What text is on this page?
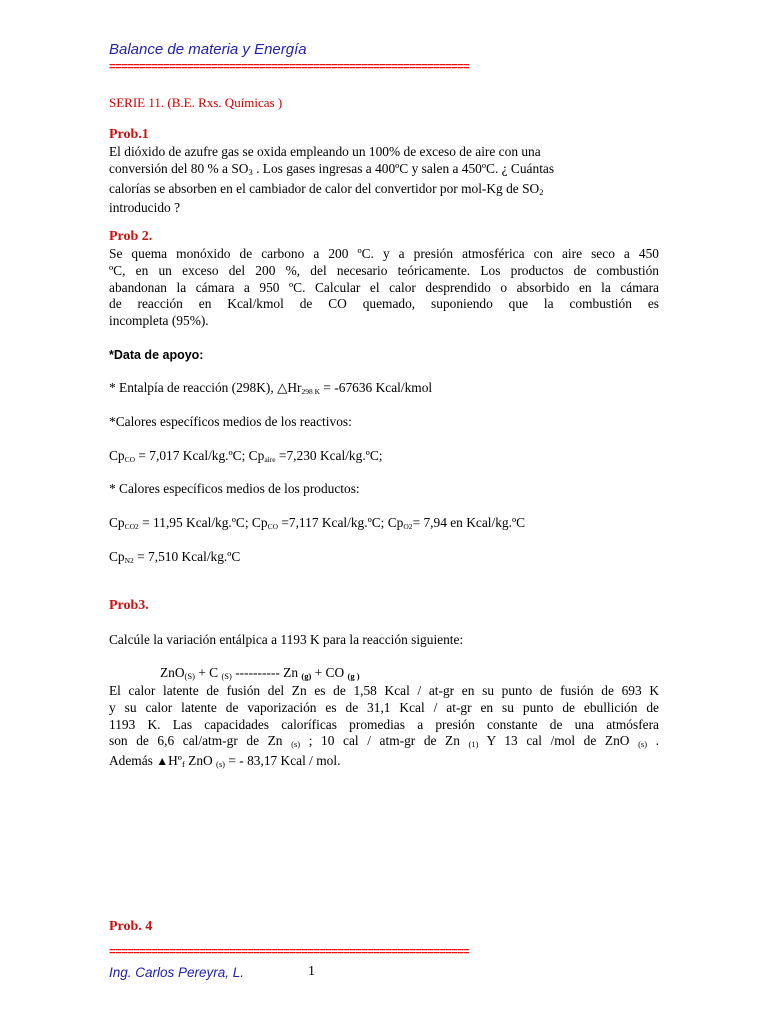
Balance de materia y Energía
============================================================
SERIE 11. (B.E. Rxs. Químicas )
Prob.1
El dióxido de azufre gas se oxida empleando un 100% de exceso de aire con una
conversión del 80 % a $SO_3$ . Los gases ingresas a 400ºC y salen a 450ºC. ¿ Cuántas
calorías se absorben en el cambiador de calor del convertidor por mol-Kg de $SO_2$
introducido ?
Prob 2.
Se quema monóxido de carbono a 200 ºC. y a presión atmosférica con aire seco a 450
ºC, en un exceso del 200 %, del necesario teóricamente. Los productos de combustión
abandonan la cámara a 950 ºC. Calcular el calor desprendido o absorbido en la cámara
de reacción en Kcal/kmol de CO quemado, suponiendo que la combustión es
incompleta (95%).
*Data de apoyo:
* Entalpía de reacción (298K), △Hr298 K = -67636 Kcal/kmol
*Calores específicos medios de los reactivos:
CpCO = 7,017 Kcal/kg.ºC; Cpaire =7,230 Kcal/kg.ºC;
* Calores específicos medios de los productos:
CpCO2 = 11,95 Kcal/kg.ºC; CpCO =7,117 Kcal/kg.ºC; CpO2= 7,94 en Kcal/kg.ºC
CpN2 = 7,510 Kcal/kg.ºC
Prob3.
Calcúle la variación entálpica a 1193 K para la reacción siguiente:
ZnO$_{(S)}$ + C $_{(S)}$ ---------- Zn $_{(g)}$ + CO $_{(g )}$
El calor latente de fusión del Zn es de 1,58 Kcal / at-gr en su punto de fusión de 693 K
y su calor latente de vaporización es de 31,1 Kcal / at-gr en su punto de ebullición de
1193 K. Las capacidades caloríficas promedias a presión constante de una atmósfera
son de 6,6 cal/atm-gr de Zn $_{(s)}$ ; 10 cal / atm-gr de Zn $_{(1)}$ Y 13 cal /mol de ZnO $_{(s)}$ .
Además ▲Hº$_f$ ZnO $_{(s)}$ = - 83,17 Kcal / mol.
Prob. 4
============================================================
Ing. Carlos Pereyra, L.	1
